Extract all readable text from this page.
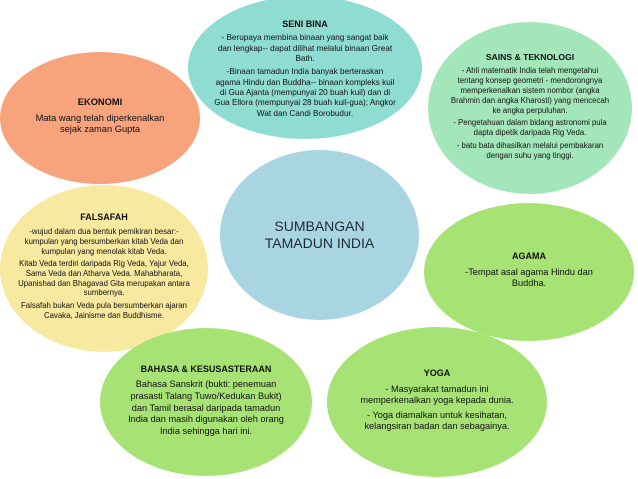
SUMBANGAN
TAMADUN INDIA
SENI BINA

- Berupaya membina binaan yang sangat baik dan lengkap-- dapat dilihat melalui binaan Great Bath.

-Binaan tamadun India banyak berteraskan agama Hindu dan Buddha-- binaan kompleks kuil di Gua Ajanta (mempunyai 20 buah kuil) dan di Gua Ellora (mempunyai 28 buah kuil-gua); Angkor Wat dan Candi Borobudur.

SAINS & TEKNOLOGI

- Ahli matematik India telah mengetahui tentang konsep geometri - mendorongnya memperkenalkan sistem nombor (angka Brahmin dan angka Kharosti) yang mencecah ke angka perpuluhan.

- Pengetahuan dalam bidang astronomi pula dapta dipetik daripada Rig Veda.

- batu bata dihasilkan melalui pembakaran dengan suhu yang tinggi.

EKONOMI

Mata wang telah diperkenalkan sejak zaman Gupta

FALSAFAH

-wujud dalam dua bentuk pemikiran besar:- kumpulan yang bersumberkan kitab Veda dan kumpulan yang menolak kitab Veda.

Kitab Veda terdiri daripada Rig Veda, Yajur Veda, Sama Veda dan Atharva Veda. Mahabharata, Upanishad dan Bhagavad Gita merupakan antara sumbernya.

Falsafah bukan Veda pula bersumberkan ajaran Cavaka, Jainisme dan Buddhisme.

AGAMA

-Tempat asal agama Hindu dan Buddha.

BAHASA & KESUSASTERAAN

Bahasa Sanskrit (bukti: penemuan prasasti Talang Tuwo/Kedukan Bukit) dan Tamil berasal daripada tamadun India dan masih digunakan oleh orang India sehingga hari ini.

YOGA

- Masyarakat tamadun ini memperkenalkan yoga kepada dunia.

- Yoga diamalkan untuk kesihatan, kelangsiran badan dan sebagainya.
